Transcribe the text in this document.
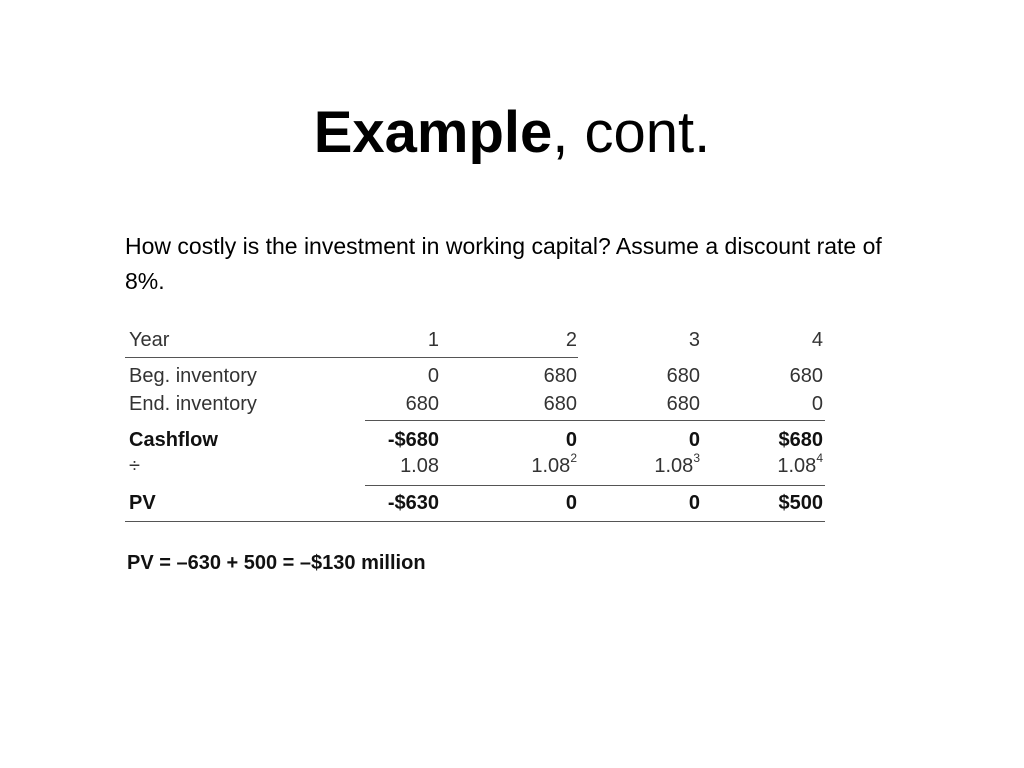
Example, cont.
How costly is the investment in working capital? Assume a discount rate of 8%.
Year	1	2	3	4
Beg. inventory	0	680	680	680
End. inventory	680	680	680	0
Cashflow	-$680	0	0	$680
÷	1.08	1.08$^2$	1.08$^3$	1.08$^4$
PV	-$630	0	0	$500
PV = –630 + 500 = –$130 million
